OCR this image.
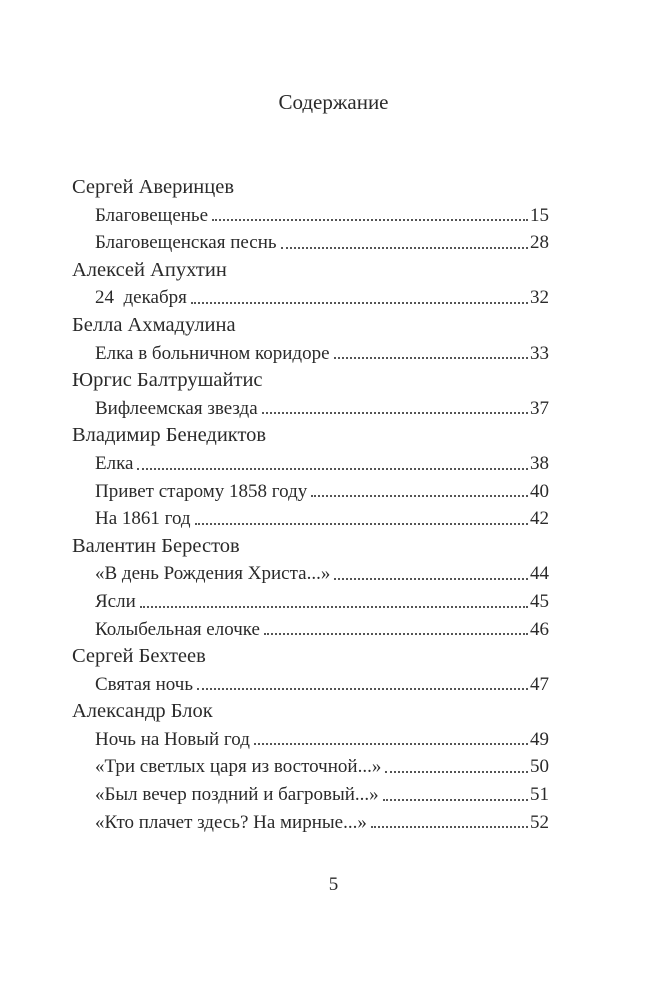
Содержание
Сергей Аверинцев
Благовещенье	15
Благовещенская песнь	28
Алексей Апухтин
24  декабря	32
Белла Ахмадулина
Елка в больничном коридоре	33
Юргис Балтрушайтис
Вифлеемская звезда	37
Владимир Бенедиктов
Елка	38
Привет старому 1858 году	40
На 1861 год	42
Валентин Берестов
«В день Рождения Христа...»	44
Ясли	45
Колыбельная елочке	46
Сергей Бехтеев
Святая ночь	47
Александр Блок
Ночь на Новый год	49
«Три светлых царя из восточной...»	50
«Был вечер поздний и багровый...»	51
«Кто плачет здесь? На мирные...»	52
5
